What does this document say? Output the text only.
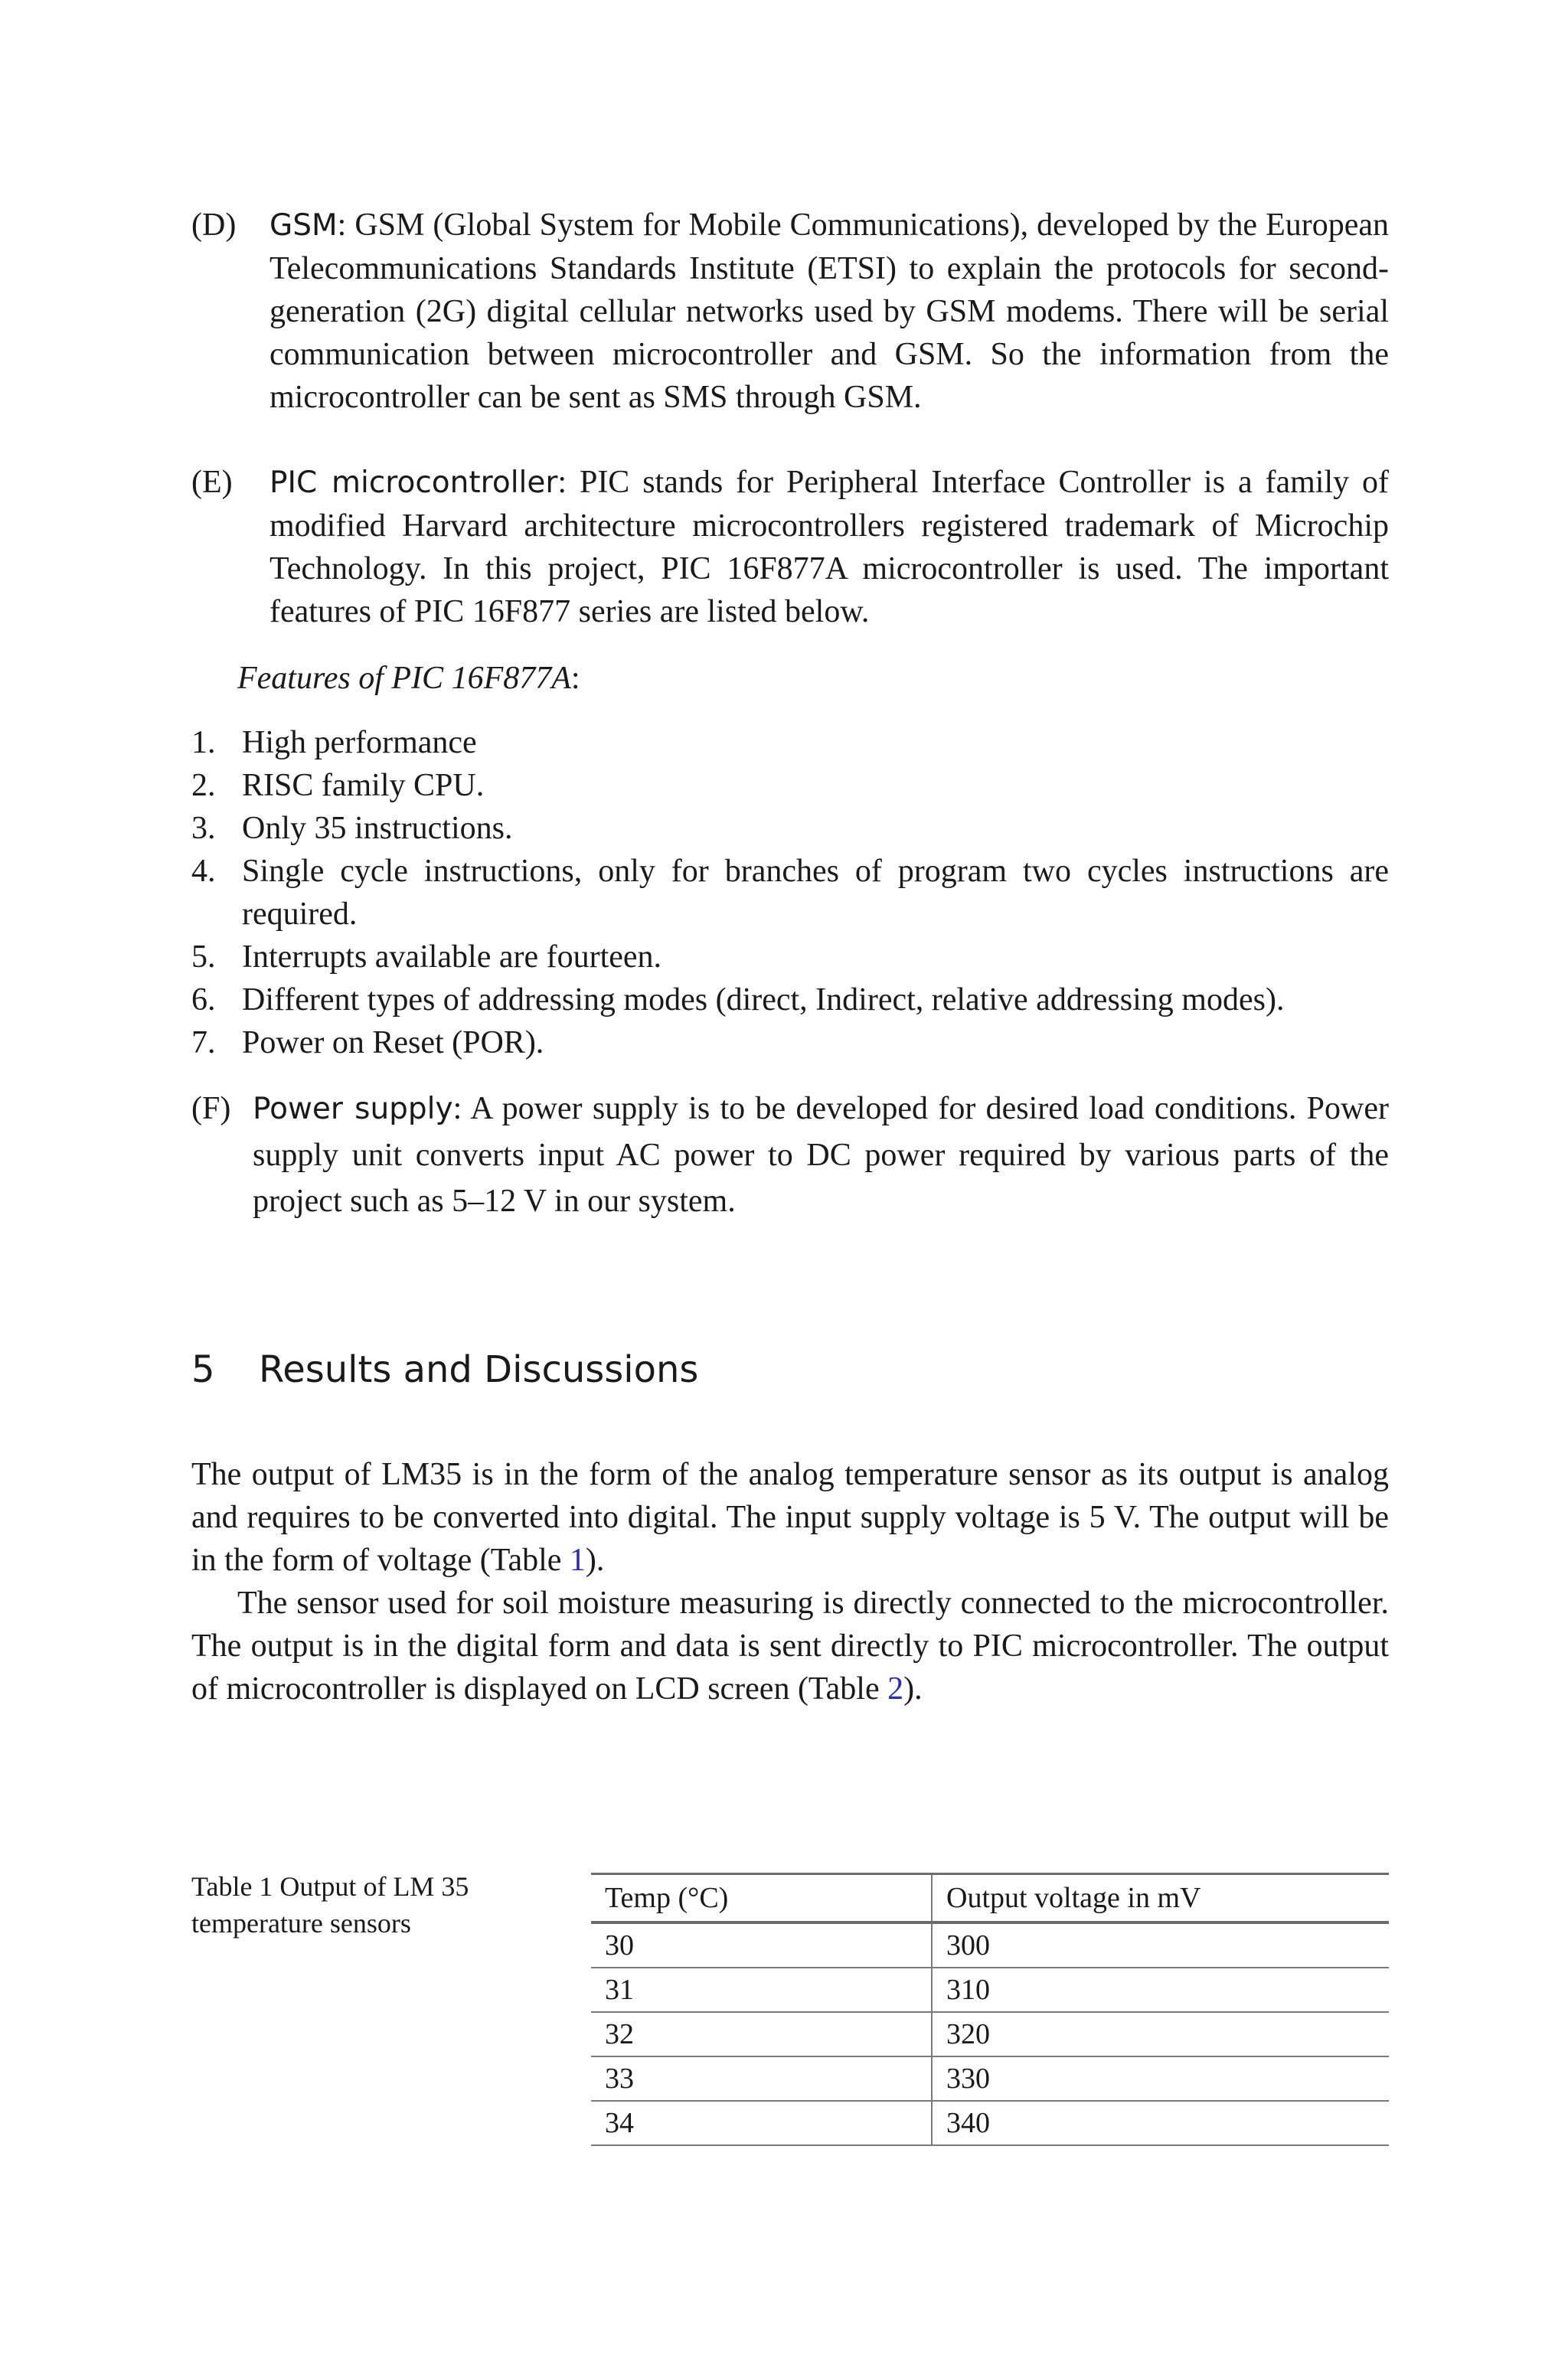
(D) GSM: GSM (Global System for Mobile Communications), developed by the European Telecommunications Standards Institute (ETSI) to explain the protocols for second-generation (2G) digital cellular networks used by GSM modems. There will be serial communication between microcontroller and GSM. So the information from the microcontroller can be sent as SMS through GSM.
(E) PIC microcontroller: PIC stands for Peripheral Interface Controller is a family of modified Harvard architecture microcontrollers registered trademark of Microchip Technology. In this project, PIC 16F877A microcontroller is used. The important features of PIC 16F877 series are listed below.
Features of PIC 16F877A:
1. High performance
2. RISC family CPU.
3. Only 35 instructions.
4. Single cycle instructions, only for branches of program two cycles instructions are required.
5. Interrupts available are fourteen.
6. Different types of addressing modes (direct, Indirect, relative addressing modes).
7. Power on Reset (POR).
(F) Power supply: A power supply is to be developed for desired load conditions. Power supply unit converts input AC power to DC power required by various parts of the project such as 5–12 V in our system.
5 Results and Discussions

The output of LM35 is in the form of the analog temperature sensor as its output is analog and requires to be converted into digital. The input supply voltage is 5 V. The output will be in the form of voltage (Table 1).

The sensor used for soil moisture measuring is directly connected to the microcontroller. The output is in the digital form and data is sent directly to PIC microcontroller. The output of microcontroller is displayed on LCD screen (Table 2).

Table 1 Output of LM 35 temperature sensors
Temp (°C)	Output voltage in mV
30	300
31	310
32	320
33	330
34	340
